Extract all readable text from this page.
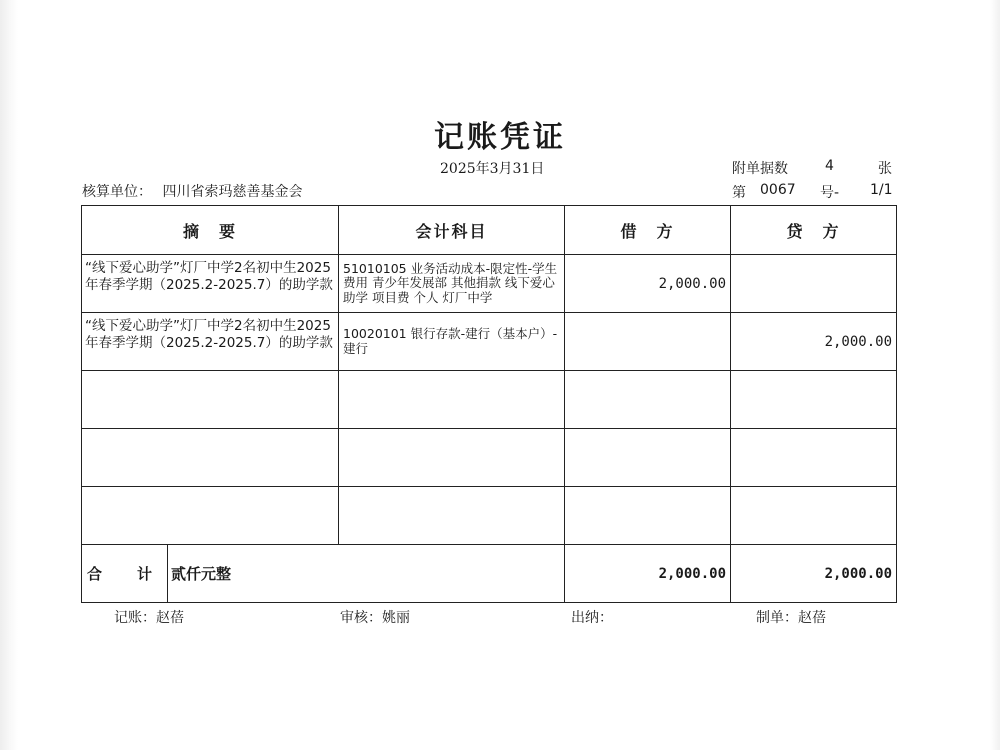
记账凭证
2025年3月31日
核算单位： 四川省索玛慈善基金会
附单据数	4	张
第 0067 号- 1/1
摘　要		会计科目	借　方	贷　方

“线下爱心助学”灯厂中学2名初中生2025年春季学期（2025.2-2025.7）的助学款		51010105 业务活动成本-限定性-学生费用 青少年发展部 其他捐款 线下爱心助学 项目费 个人 灯厂中学	2,000.00	

“线下爱心助学”灯厂中学2名初中生2025年春季学期（2025.2-2025.7）的助学款		10020101 银行存款-建行（基本户）-建行		2,000.00

合　计	贰仟元整		2,000.00	2,000.00
记账：赵蓓	审核：姚丽	出纳：	制单：赵蓓
